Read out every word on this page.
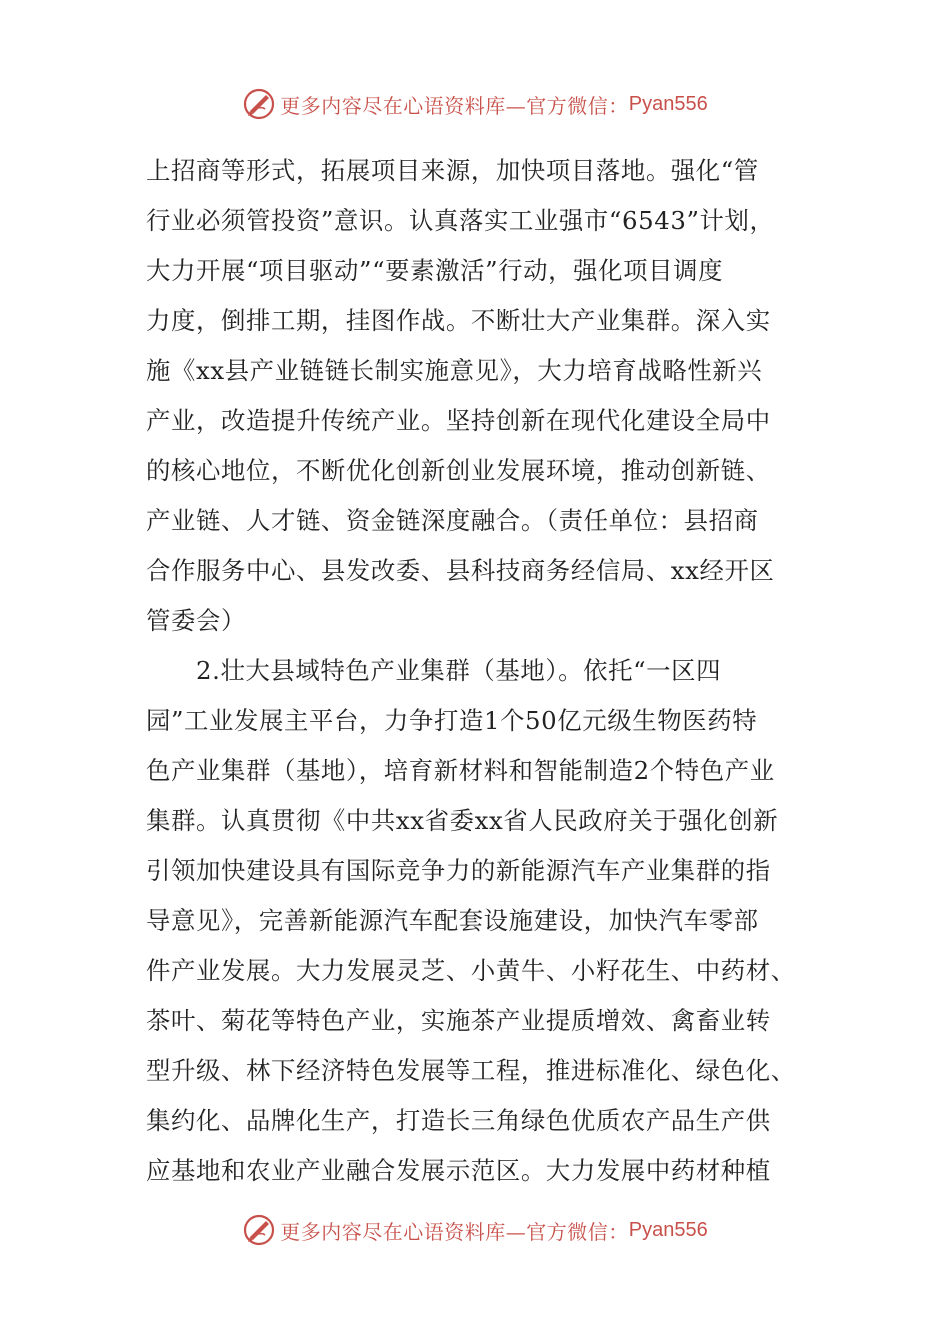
更多内容尽在心语资料库—官方微信： Pyan556
上招商等形式，拓展项目来源，加快项目落地。强化“管
行业必须管投资”意识。认真落实工业强市“6543”计划，
大力开展“项目驱动”“要素激活”行动，强化项目调度
力度，倒排工期，挂图作战。不断壮大产业集群。深入实
施《xx县产业链链长制实施意见》，大力培育战略性新兴
产业，改造提升传统产业。坚持创新在现代化建设全局中
的核心地位，不断优化创新创业发展环境，推动创新链、
产业链、人才链、资金链深度融合。（责任单位：县招商
合作服务中心、县发改委、县科技商务经信局、xx经开区
管委会）
　　2.壮大县域特色产业集群（基地）。依托“一区四
园”工业发展主平台，力争打造1个50亿元级生物医药特
色产业集群（基地），培育新材料和智能制造2个特色产业
集群。认真贯彻《中共xx省委xx省人民政府关于强化创新
引领加快建设具有国际竞争力的新能源汽车产业集群的指
导意见》，完善新能源汽车配套设施建设，加快汽车零部
件产业发展。大力发展灵芝、小黄牛、小籽花生、中药材、
茶叶、菊花等特色产业，实施茶产业提质增效、禽畜业转
型升级、林下经济特色发展等工程，推进标准化、绿色化、
集约化、品牌化生产，打造长三角绿色优质农产品生产供
应基地和农业产业融合发展示范区。大力发展中药材种植
更多内容尽在心语资料库—官方微信： Pyan556
